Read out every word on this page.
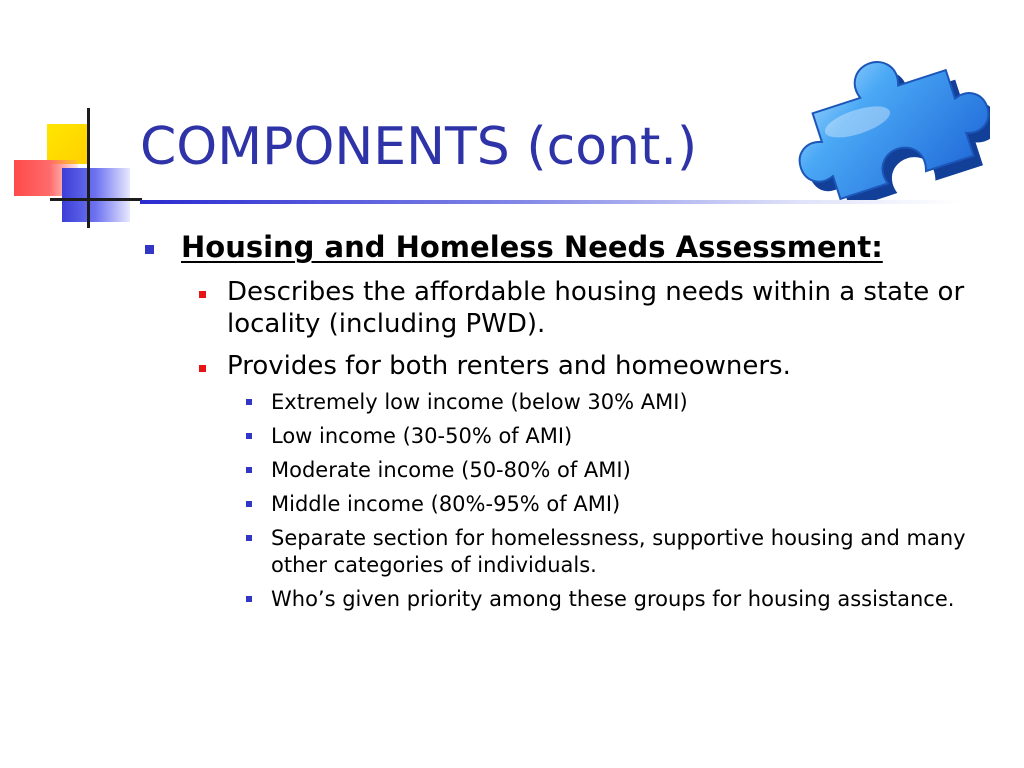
COMPONENTS (cont.)
Housing and Homeless Needs Assessment:
Describes the affordable housing needs within a state or locality (including PWD).
Provides for both renters and homeowners.
Extremely low income (below 30% AMI)
Low income (30-50% of AMI)
Moderate income (50-80% of AMI)
Middle income (80%-95% of AMI)
Separate section for homelessness, supportive housing and many other categories of individuals.
Who’s given priority among these groups for housing assistance.
